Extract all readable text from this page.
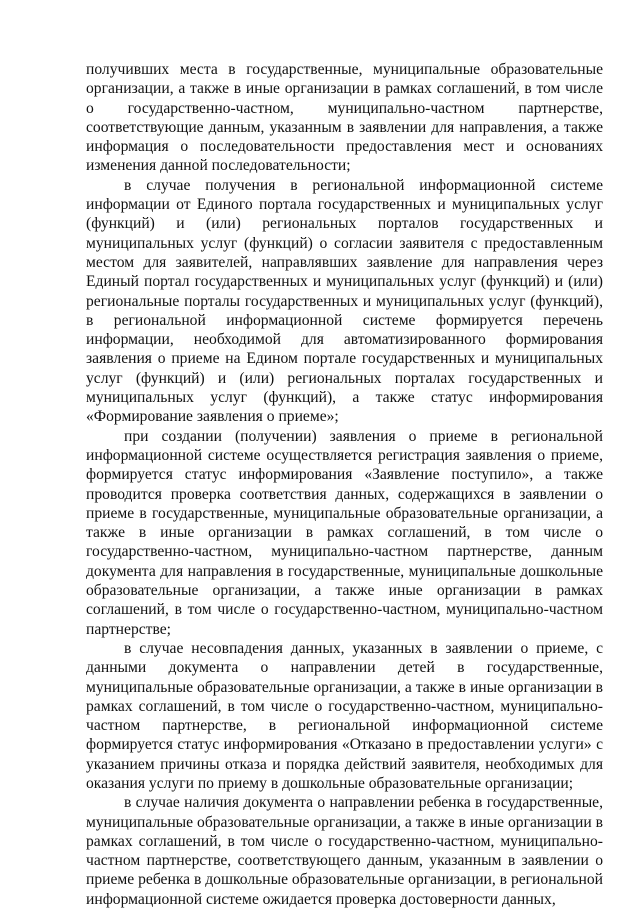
получивших места в государственные, муниципальные образовательные организации, а также в иные организации в рамках соглашений, в том числе о государственно-частном, муниципально-частном партнерстве, соответствующие данным, указанным в заявлении для направления, а также информация о последовательности предоставления мест и основаниях изменения данной последовательности;

в случае получения в региональной информационной системе информации от Единого портала государственных и муниципальных услуг (функций) и (или) региональных порталов государственных и муниципальных услуг (функций) о согласии заявителя с предоставленным местом для заявителей, направлявших заявление для направления через Единый портал государственных и муниципальных услуг (функций) и (или) региональные порталы государственных и муниципальных услуг (функций), в региональной информационной системе формируется перечень информации, необходимой для автоматизированного формирования заявления о приеме на Едином портале государственных и муниципальных услуг (функций) и (или) региональных порталах государственных и муниципальных услуг (функций), а также статус информирования «Формирование заявления о приеме»;

при создании (получении) заявления о приеме в региональной информационной системе осуществляется регистрация заявления о приеме, формируется статус информирования «Заявление поступило», а также проводится проверка соответствия данных, содержащихся в заявлении о приеме в государственные, муниципальные образовательные организации, а также в иные организации в рамках соглашений, в том числе о государственно-частном, муниципально-частном партнерстве, данным документа для направления в государственные, муниципальные дошкольные образовательные организации, а также иные организации в рамках соглашений, в том числе о государственно-частном, муниципально-частном партнерстве;

в случае несовпадения данных, указанных в заявлении о приеме, с данными документа о направлении детей в государственные, муниципальные образовательные организации, а также в иные организации в рамках соглашений, в том числе о государственно-частном, муниципально-частном партнерстве, в региональной информационной системе формируется статус информирования «Отказано в предоставлении услуги» с указанием причины отказа и порядка действий заявителя, необходимых для оказания услуги по приему в дошкольные образовательные организации;

в случае наличия документа о направлении ребенка в государственные, муниципальные образовательные организации, а также в иные организации в рамках соглашений, в том числе о государственно-частном, муниципально-частном партнерстве, соответствующего данным, указанным в заявлении о приеме ребенка в дошкольные образовательные организации, в региональной информационной системе ожидается проверка достоверности данных,
